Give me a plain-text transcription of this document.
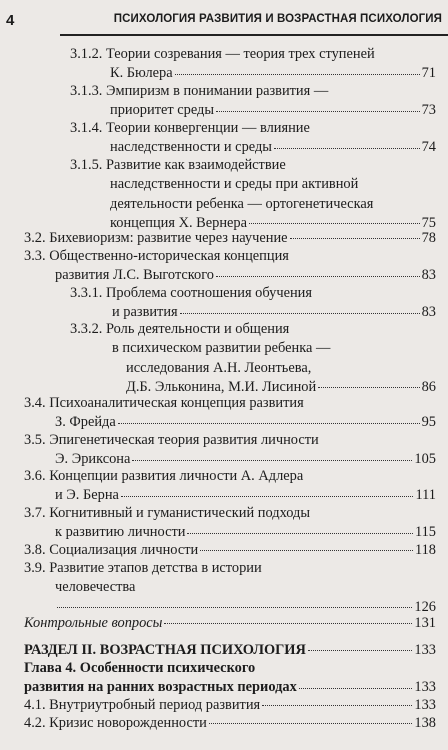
4	ПСИХОЛОГИЯ РАЗВИТИЯ И ВОЗРАСТНАЯ ПСИХОЛОГИЯ
3.1.2. Теории созревания — теория трех ступеней
К. Бюлера	71
3.1.3. Эмпиризм в понимании развития —
приоритет среды	73
3.1.4. Теории конвергенции — влияние
наследственности и среды	74
3.1.5. Развитие как взаимодействие
наследственности и среды при активной
деятельности ребенка — ортогенетическая
концепция Х. Вернера	75
3.2. Бихевиоризм: развитие через научение	78
3.3. Общественно-историческая концепция
развития Л.С. Выготского	83
3.3.1. Проблема соотношения обучения
и развития	83
3.3.2. Роль деятельности и общения
в психическом развитии ребенка —
исследования А.Н. Леонтьева,
Д.Б. Эльконина, М.И. Лисиной	86
3.4. Психоаналитическая концепция развития
З. Фрейда	95
3.5. Эпигенетическая теория развития личности
Э. Эриксона	105
3.6. Концепции развития личности А. Адлера
и Э. Берна	111
3.7. Когнитивный и гуманистический подходы
к развитию личности	115
3.8. Социализация личности	118
3.9. Развитие этапов детства в истории
человечества
126
Контрольные вопросы	131
РАЗДЕЛ II. ВОЗРАСТНАЯ ПСИХОЛОГИЯ	133
Глава 4. Особенности психического
развития на ранних возрастных периодах	133
4.1. Внутриутробный период развития	133
4.2. Кризис новорожденности	138
